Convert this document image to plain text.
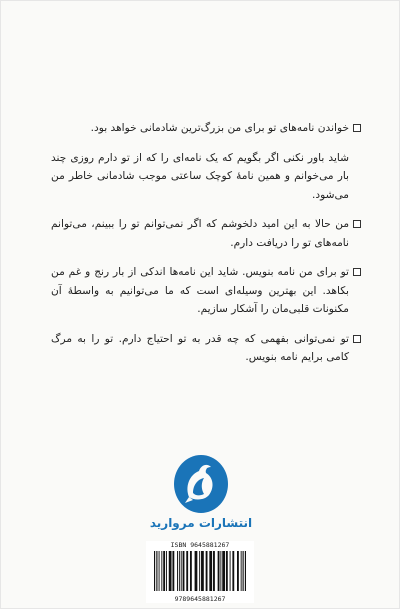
خواندن نامه‌های تو برای من بزرگ‌ترین شادمانی خواهد بود.

شاید باور نکنی اگر بگویم که یک نامه‌ای را که از تو دارم روزی چند بار می‌خوانم و همین نامهٔ کوچک ساعتی موجب شادمانی خاطر من می‌شود.

من حالا به این امید دلخوشم که اگر نمی‌توانم تو را ببینم، می‌توانم نامه‌های تو را دریافت دارم.

تو برای من نامه بنویس. شاید این نامه‌ها اندکی از بار رنج و غم من بکاهد. این بهترین وسیله‌ای است که ما می‌توانیم به واسطهٔ آن مکنونات قلبی‌مان را آشکار سازیم.

تو نمی‌توانی بفهمی که چه قدر به تو احتیاج دارم. تو را به مرگ کامی برایم نامه بنویس.

انتشارات مروارید
ISBN 9645881267
9789645881267
